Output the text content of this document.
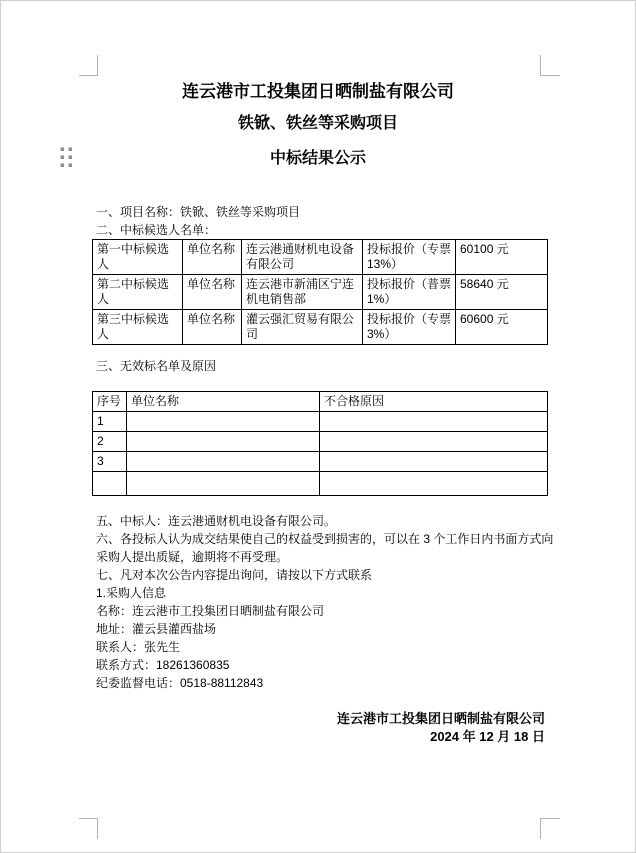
连云港市工投集团日晒制盐有限公司
铁锨、铁丝等采购项目
中标结果公示
一、项目名称：铁锨、铁丝等采购项目
二、中标候选人名单：
第一中标候选人	单位名称	连云港通财机电设备有限公司	投标报价（专票13%）	60100 元
第二中标候选人	单位名称	连云港市新浦区宁连机电销售部	投标报价（普票1%）	58640 元
第三中标候选人	单位名称	灌云强汇贸易有限公司	投标报价（专票3%）	60600 元
三、无效标名单及原因
序号	单位名称	不合格原因
1		
2		
3		

五、中标人：连云港通财机电设备有限公司。
六、各投标人认为成交结果使自己的权益受到损害的，可以在 3 个工作日内书面方式向采购人提出质疑，逾期将不再受理。
七、凡对本次公告内容提出询问，请按以下方式联系
1.采购人信息
名称：连云港市工投集团日晒制盐有限公司
地址：灌云县灌西盐场
联系人：张先生
联系方式：18261360835
纪委监督电话：0518-88112843
连云港市工投集团日晒制盐有限公司
2024 年 12 月 18 日
